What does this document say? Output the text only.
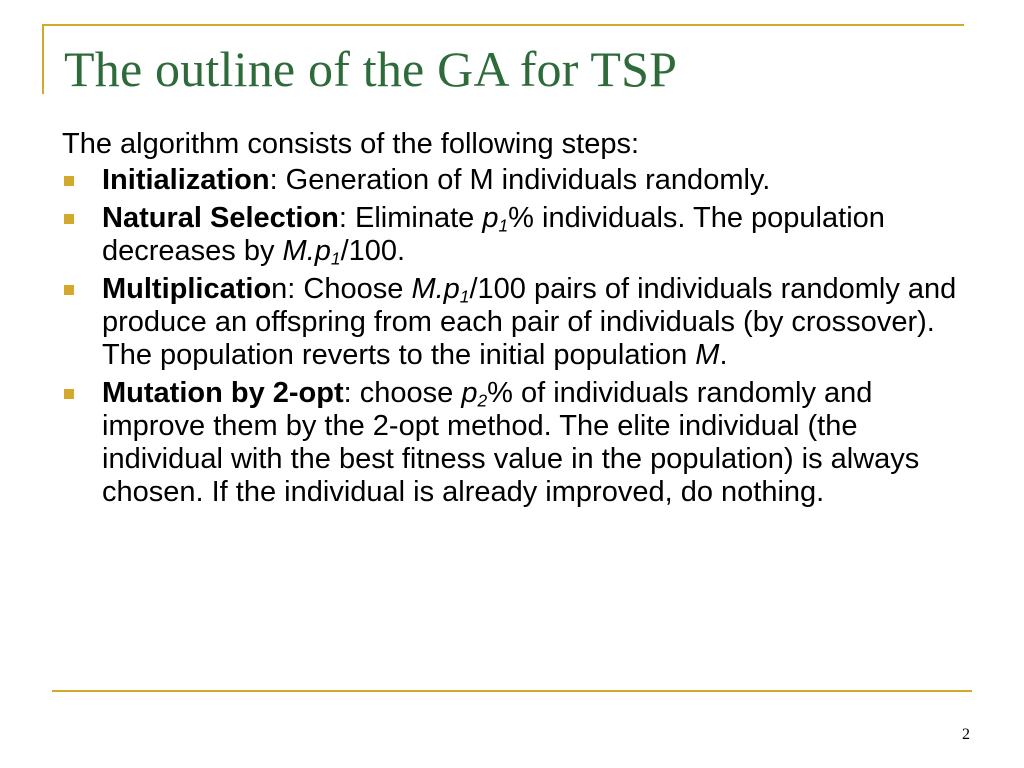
The outline of the GA for TSP

The algorithm consists of the following steps:

Initialization: Generation of M individuals randomly.
Natural Selection: Eliminate $p_1\%$ individuals. The population decreases by $M.p_1/100$.
Multiplication: Choose $M.p_1/100$ pairs of individuals randomly and produce an offspring from each pair of individuals (by crossover). The population reverts to the initial population M.
Mutation by 2-opt: choose $p_2\%$ of individuals randomly and improve them by the 2-opt method. The elite individual (the individual with the best fitness value in the population) is always chosen. If the individual is already improved, do nothing.
2
